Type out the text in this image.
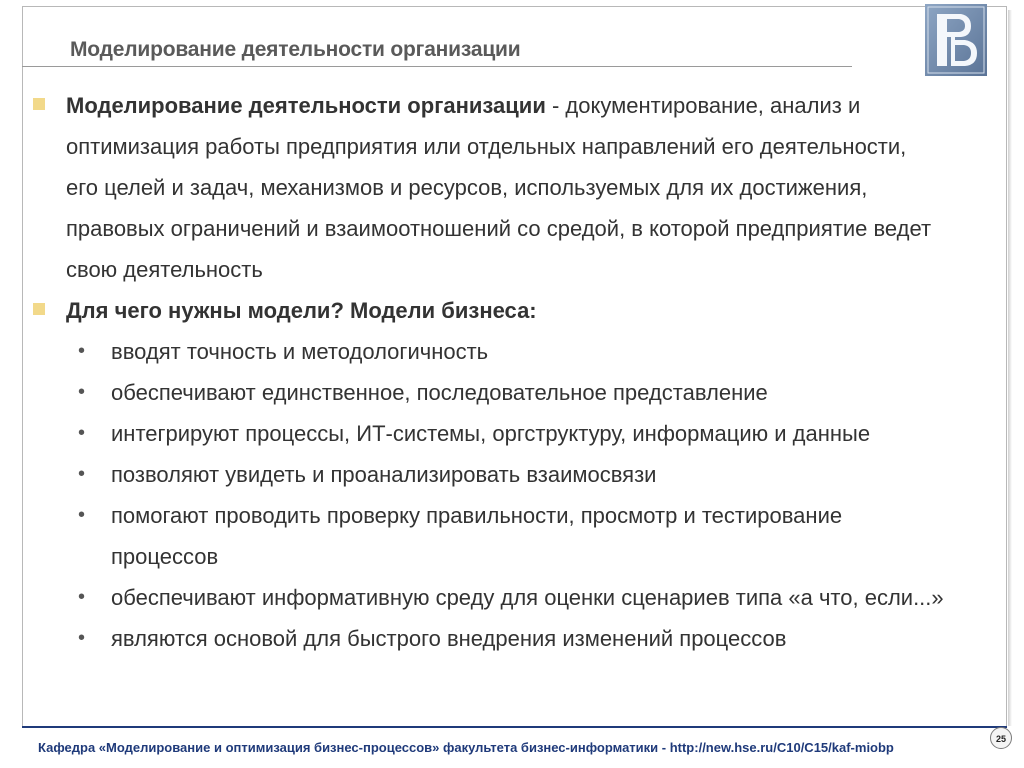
Моделирование деятельности организации
Моделирование деятельности организации - документирование, анализ и
оптимизация работы предприятия или отдельных направлений его деятельности,
его целей и задач, механизмов и ресурсов, используемых для их достижения,
правовых ограничений и взаимоотношений со средой, в которой предприятие ведет
свою деятельность
Для чего нужны модели? Модели бизнеса:
• вводят точность и методологичность
• обеспечивают единственное, последовательное представление
• интегрируют процессы, ИТ-системы, оргструктуру, информацию и данные
• позволяют увидеть и проанализировать взаимосвязи
• помогают проводить проверку правильности, просмотр и тестирование
процессов
• обеспечивают информативную среду для оценки сценариев типа «а что, если...»
• являются основой для быстрого внедрения изменений процессов
Кафедра «Моделирование и оптимизация бизнес-процессов» факультета бизнес-информатики - http://new.hse.ru/C10/C15/kaf-miobp
25
